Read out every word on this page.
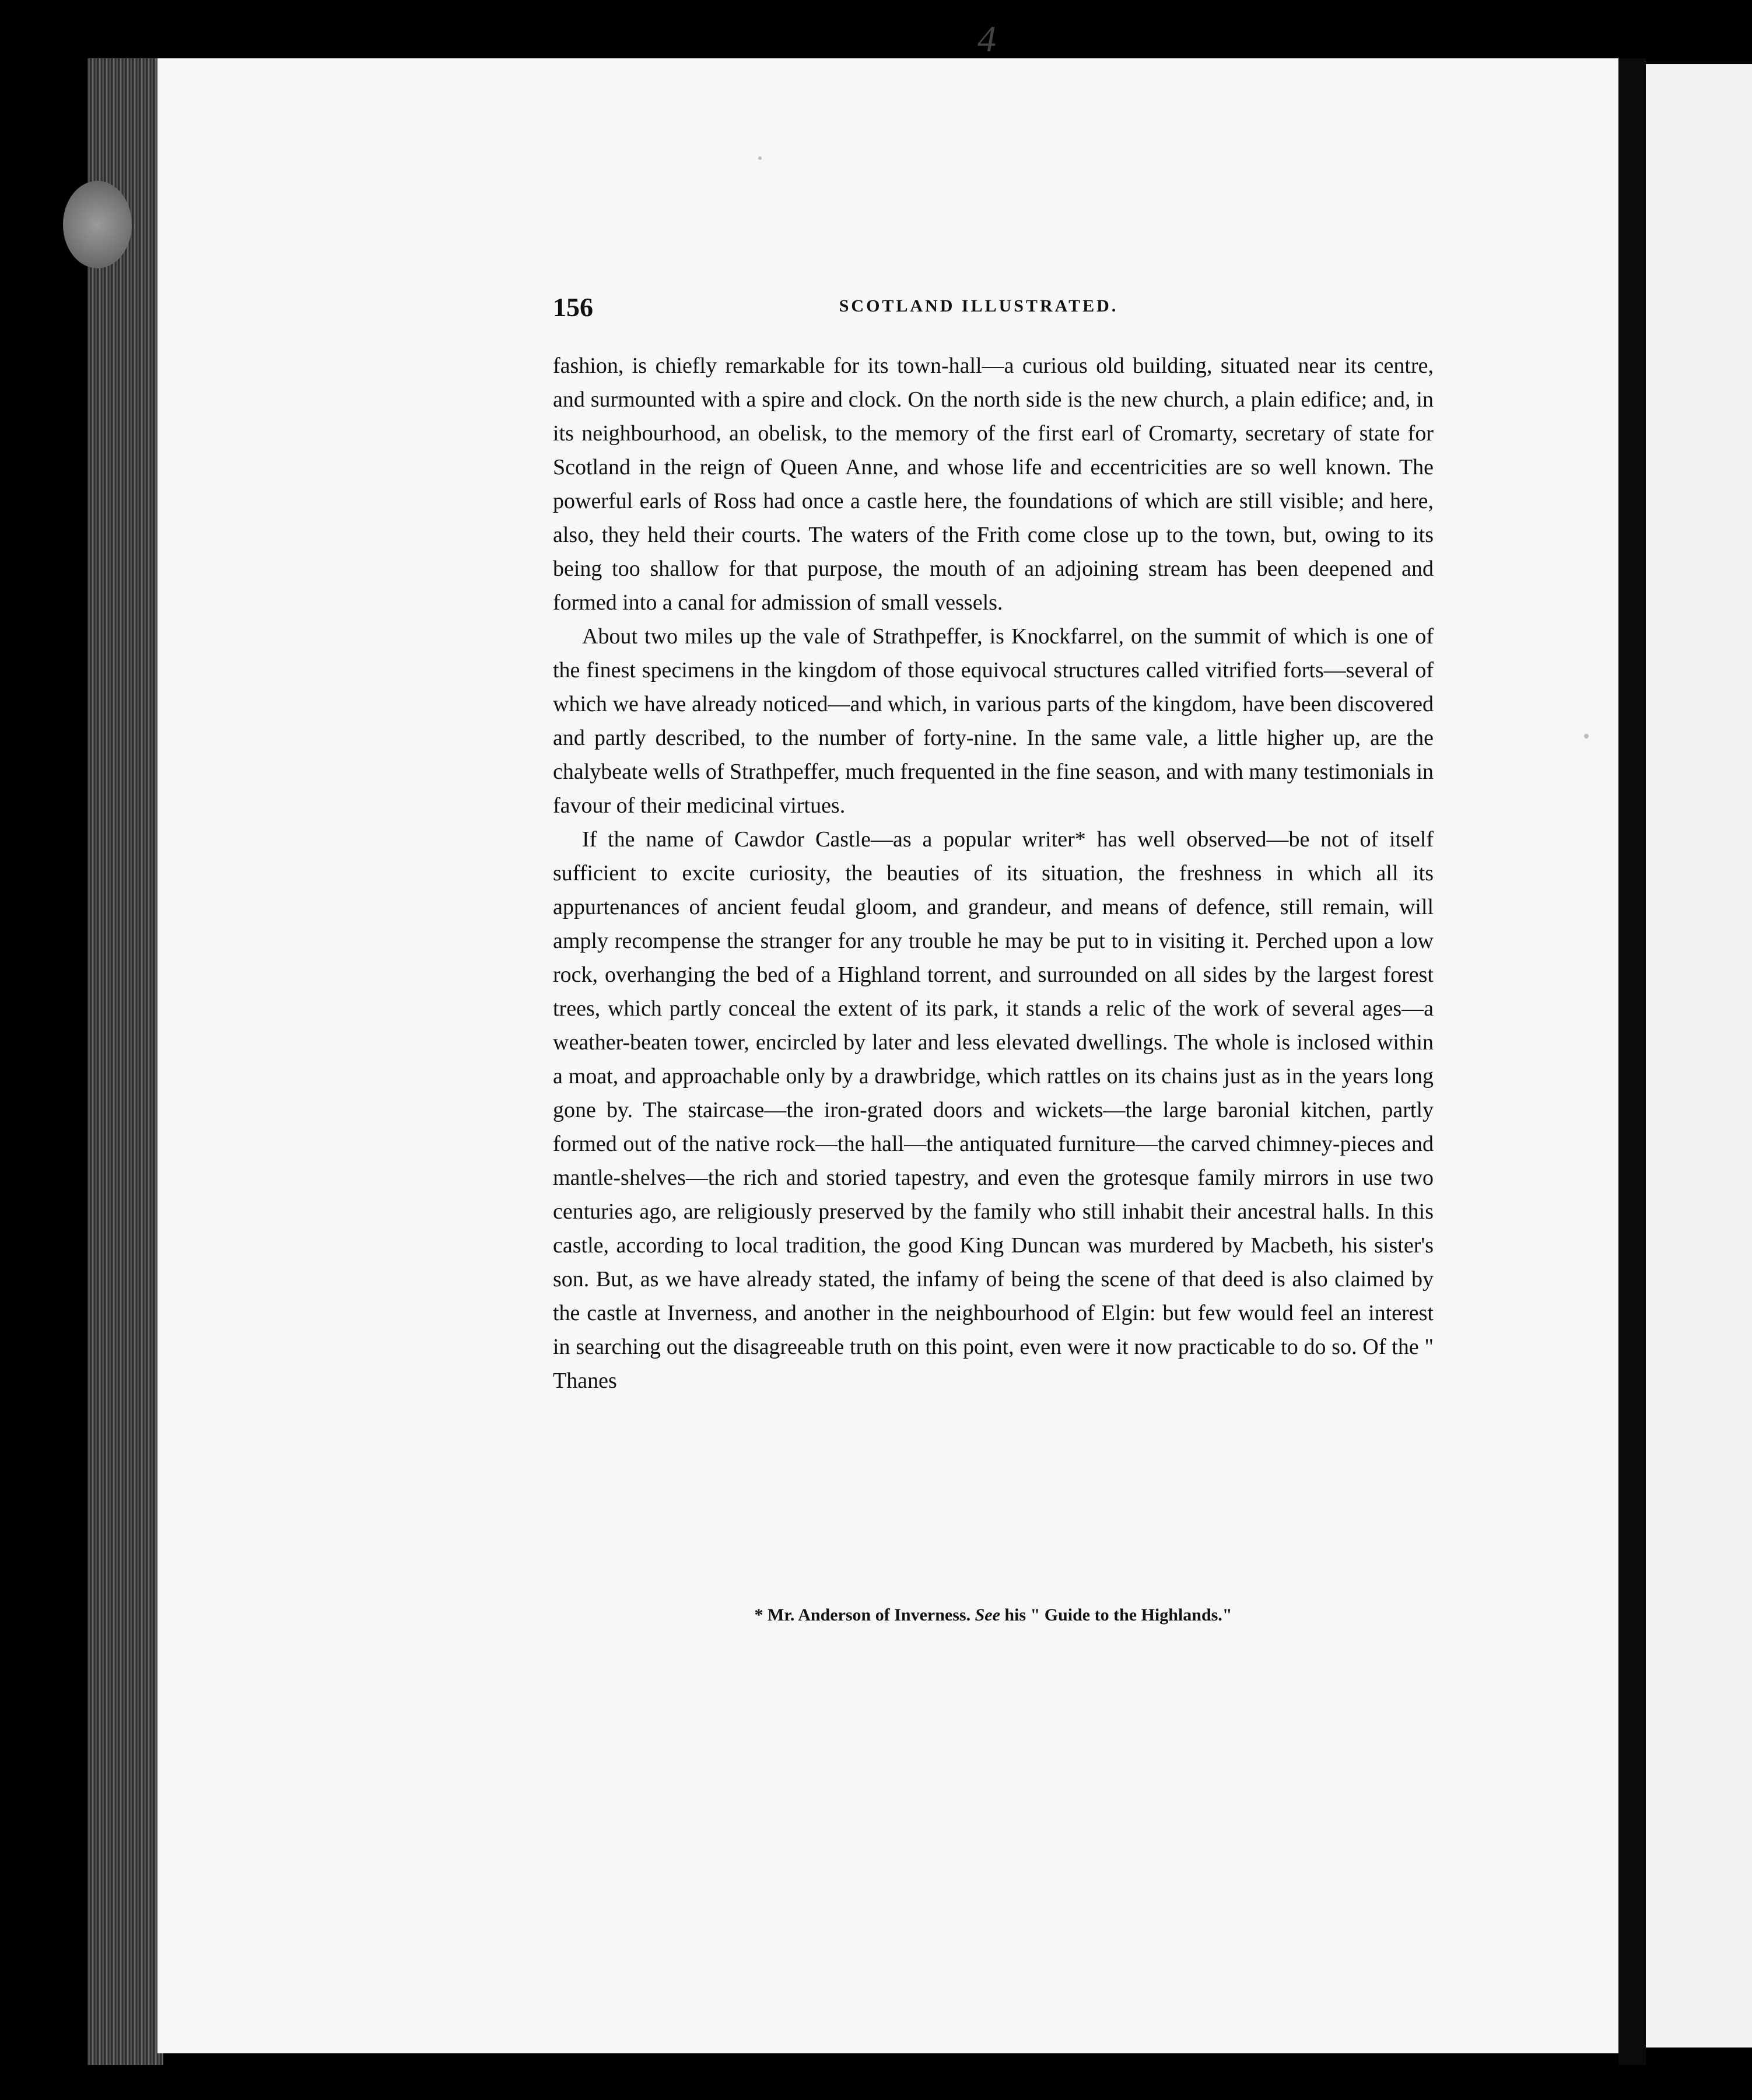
4
156	SCOTLAND ILLUSTRATED.

fashion, is chiefly remarkable for its town-hall—a curious old building, situated near its centre, and surmounted with a spire and clock. On the north side is the new church, a plain edifice; and, in its neighbourhood, an obelisk, to the memory of the first earl of Cromarty, secretary of state for Scotland in the reign of Queen Anne, and whose life and eccentricities are so well known. The powerful earls of Ross had once a castle here, the foundations of which are still visible; and here, also, they held their courts. The waters of the Frith come close up to the town, but, owing to its being too shallow for that purpose, the mouth of an adjoining stream has been deepened and formed into a canal for admission of small vessels.

About two miles up the vale of Strathpeffer, is Knockfarrel, on the summit of which is one of the finest specimens in the kingdom of those equivocal structures called vitrified forts—several of which we have already noticed—and which, in various parts of the kingdom, have been discovered and partly described, to the number of forty-nine. In the same vale, a little higher up, are the chalybeate wells of Strathpeffer, much frequented in the fine season, and with many testimonials in favour of their medicinal virtues.

If the name of Cawdor Castle—as a popular writer* has well observed—be not of itself sufficient to excite curiosity, the beauties of its situation, the freshness in which all its appurtenances of ancient feudal gloom, and grandeur, and means of defence, still remain, will amply recompense the stranger for any trouble he may be put to in visiting it. Perched upon a low rock, overhanging the bed of a Highland torrent, and surrounded on all sides by the largest forest trees, which partly conceal the extent of its park, it stands a relic of the work of several ages—a weather-beaten tower, encircled by later and less elevated dwellings. The whole is inclosed within a moat, and approachable only by a drawbridge, which rattles on its chains just as in the years long gone by. The staircase—the iron-grated doors and wickets—the large baronial kitchen, partly formed out of the native rock—the hall—the antiquated furniture—the carved chimney-pieces and mantle-shelves—the rich and storied tapestry, and even the grotesque family mirrors in use two centuries ago, are religiously preserved by the family who still inhabit their ancestral halls. In this castle, according to local tradition, the good King Duncan was murdered by Macbeth, his sister's son. But, as we have already stated, the infamy of being the scene of that deed is also claimed by the castle at Inverness, and another in the neighbourhood of Elgin: but few would feel an interest in searching out the disagreeable truth on this point, even were it now practicable to do so. Of the " Thanes

* Mr. Anderson of Inverness. See his " Guide to the Highlands."
